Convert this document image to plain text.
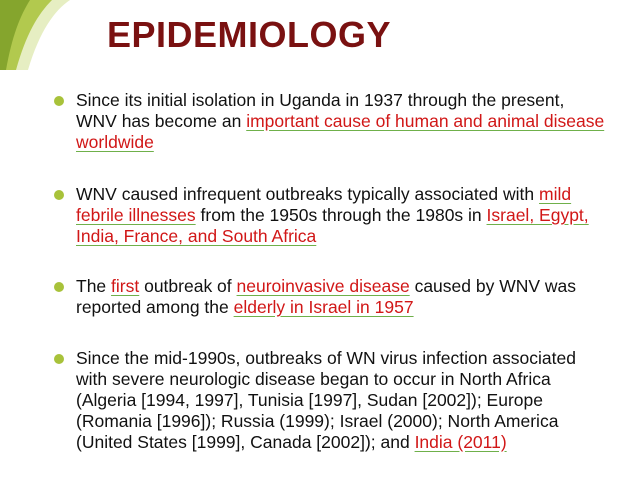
EPIDEMIOLOGY
Since its initial isolation in Uganda in 1937 through the present, WNV has become an important cause of human and animal disease worldwide
WNV caused infrequent outbreaks typically associated with mild febrile illnesses from the 1950s through the 1980s in Israel, Egypt, India, France, and South Africa
The first outbreak of neuroinvasive disease caused by WNV was reported among the elderly in Israel in 1957
Since the mid-1990s, outbreaks of WN virus infection associated with severe neurologic disease began to occur in North Africa (Algeria [1994, 1997], Tunisia [1997], Sudan [2002]); Europe (Romania [1996]); Russia (1999); Israel (2000); North America (United States [1999], Canada [2002]); and India (2011)
